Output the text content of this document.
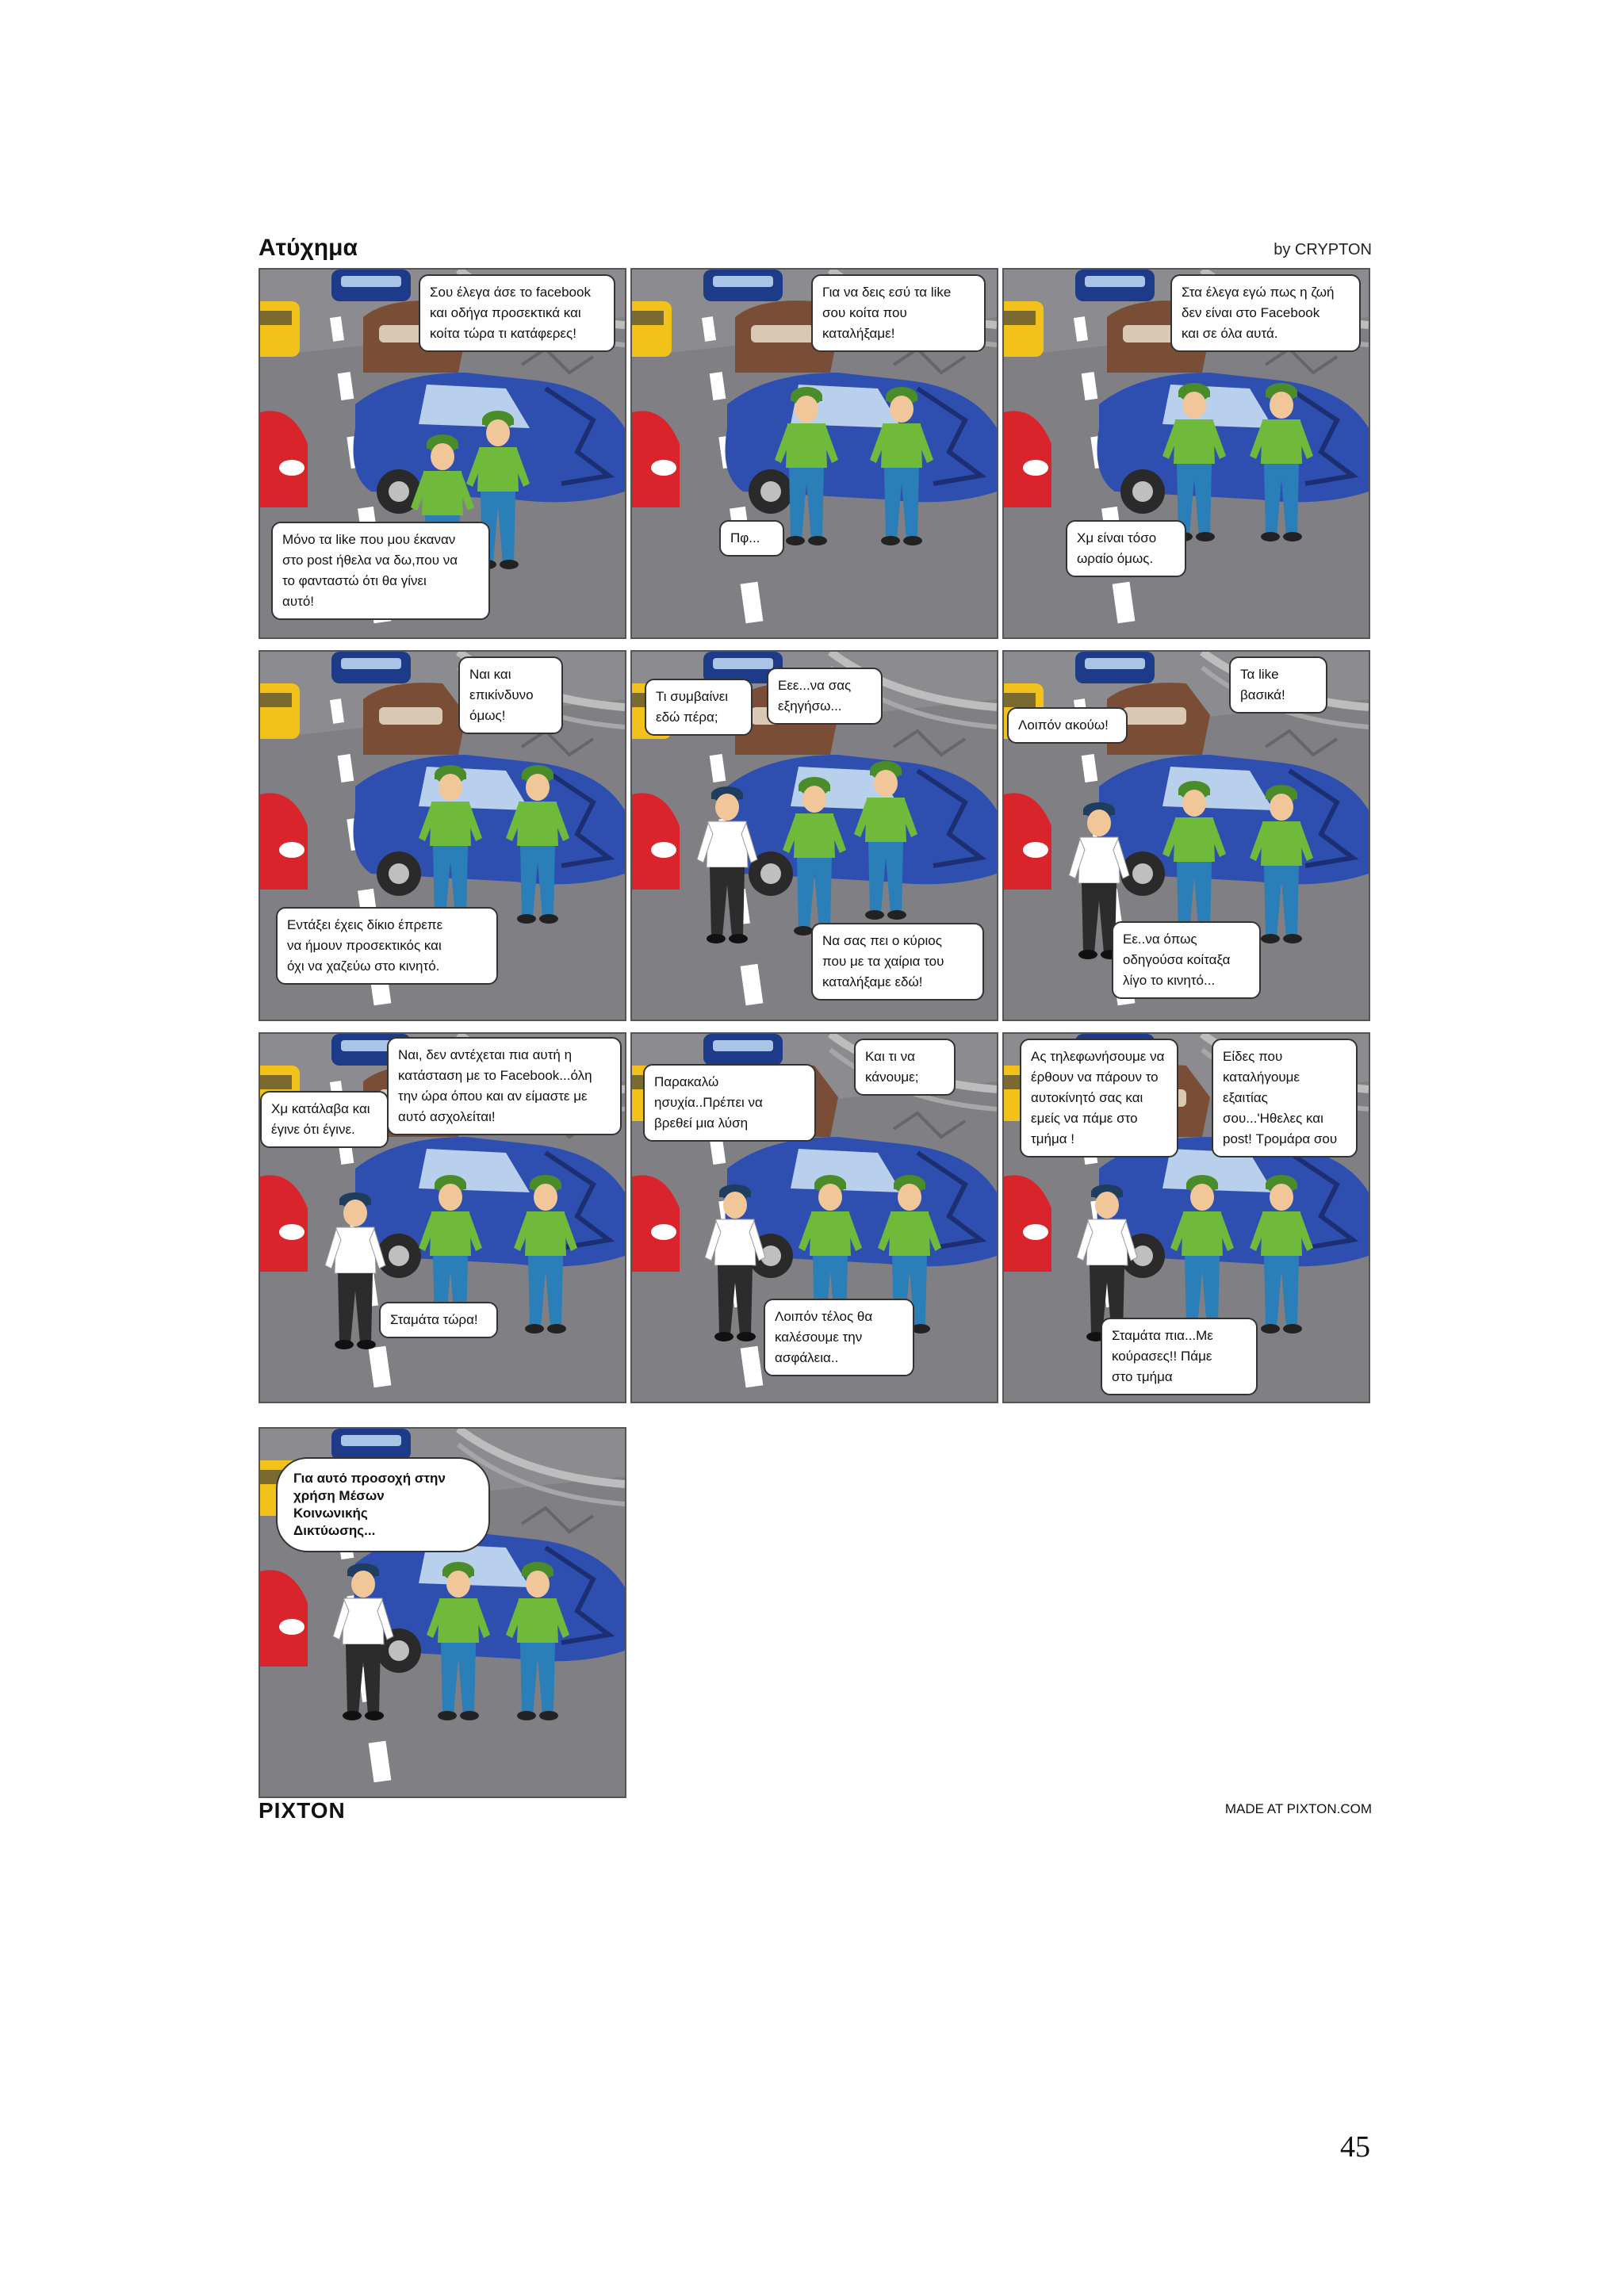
Ατύχημα	by CRYPTON
Σου έλεγα άσε το facebook
και οδήγα προσεκτικά και
κοίτα τώρα τι κατάφερες!
Μόνο τα like που μου έκαναν
στο post ήθελα να δω,που να
το φανταστώ ότι θα γίνει
αυτό!
Για να δεις εσύ τα like
σου κοίτα που
καταλήξαμε!
Πφ...
Στα έλεγα εγώ πως η ζωή
δεν είναι στο Facebook
και σε όλα αυτά.
Χμ είναι τόσο
ωραίο όμως.
Ναι και
επικίνδυνο
όμως!
Εντάξει έχεις δίκιο έπρεπε
να ήμουν προσεκτικός και
όχι να χαζεύω στο κινητό.
Τι συμβαίνει
εδώ πέρα;
Εεε...να σας
εξηγήσω...
Να σας πει ο κύριος
που με τα χαίρια του
καταλήξαμε εδώ!
Τα like
βασικά!
Λοιπόν ακούω!
Εε..να όπως
οδηγούσα κοίταξα
λίγο το κινητό...
Ναι, δεν αντέχεται πια αυτή η
κατάσταση με το Facebook...όλη
την ώρα όπου και αν είμαστε με
αυτό ασχολείται!
Χμ κατάλαβα και
έγινε ότι έγινε.
Σταμάτα τώρα!
Και τι να
κάνουμε;
Παρακαλώ
ησυχία..Πρέπει να
βρεθεί μια λύση
Λοιπόν τέλος θα
καλέσουμε την
ασφάλεια..
Ας τηλεφωνήσουμε να
έρθουν να πάρουν το
αυτοκίνητό σας και
εμείς να πάμε στο
τμήμα !
Είδες που
καταλήγουμε
εξαιτίας
σου...'Ηθελες και
post! Τρομάρα σου
Σταμάτα πια...Με
κούρασες!! Πάμε
στο τμήμα
Για αυτό προσοχή στην
χρήση Μέσων
Κοινωνικής
Δικτύωσης...
PIXTON	MADE AT PIXTON.COM
45
